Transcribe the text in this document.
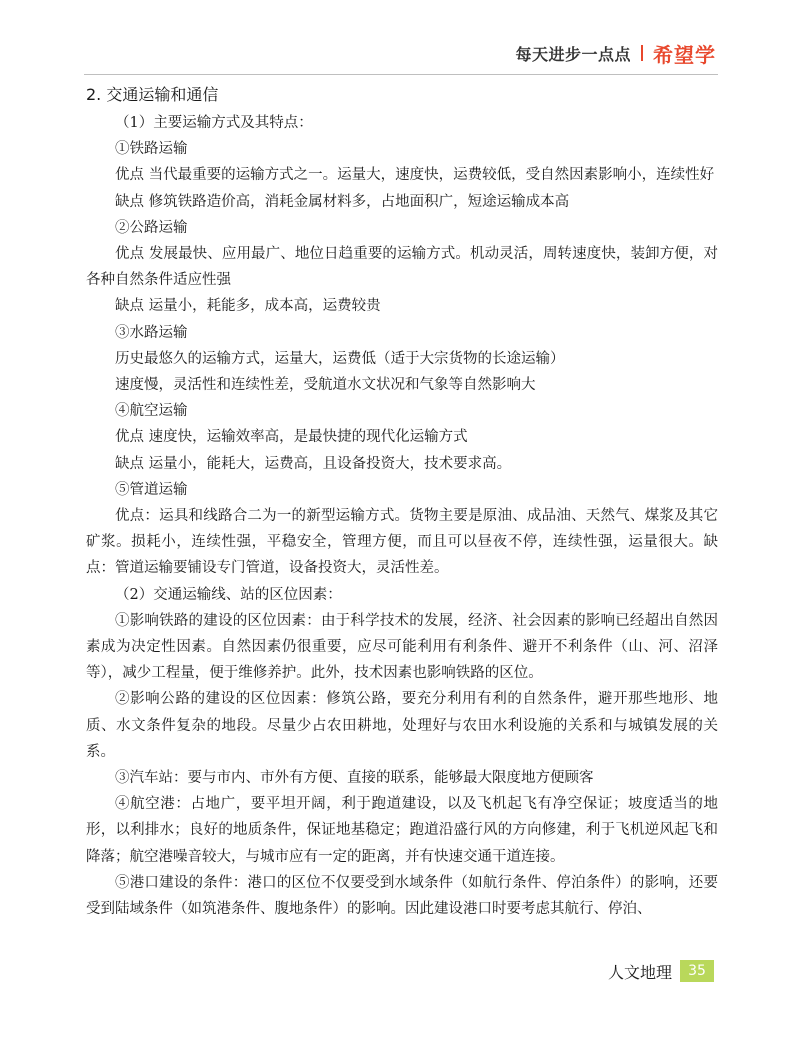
每天进步一点点 希望学
2. 交通运输和通信

（1）主要运输方式及其特点：

①铁路运输

优点 当代最重要的运输方式之一。运量大，速度快，运费较低，受自然因素影响小，连续性好

缺点 修筑铁路造价高，消耗金属材料多，占地面积广，短途运输成本高

②公路运输

优点 发展最快、应用最广、地位日趋重要的运输方式。机动灵活，周转速度快，装卸方便，对各种自然条件适应性强

缺点 运量小，耗能多，成本高，运费较贵

③水路运输

历史最悠久的运输方式，运量大，运费低（适于大宗货物的长途运输）

速度慢，灵活性和连续性差，受航道水文状况和气象等自然影响大

④航空运输

优点 速度快，运输效率高，是最快捷的现代化运输方式

缺点 运量小，能耗大，运费高，且设备投资大，技术要求高。

⑤管道运输

优点：运具和线路合二为一的新型运输方式。货物主要是原油、成品油、天然气、煤浆及其它矿浆。损耗小，连续性强，平稳安全，管理方便，而且可以昼夜不停，连续性强，运量很大。缺点：管道运输要铺设专门管道，设备投资大，灵活性差。

（2）交通运输线、站的区位因素：

①影响铁路的建设的区位因素：由于科学技术的发展，经济、社会因素的影响已经超出自然因素成为决定性因素。自然因素仍很重要，应尽可能利用有利条件、避开不利条件（山、河、沼泽等），减少工程量，便于维修养护。此外，技术因素也影响铁路的区位。

②影响公路的建设的区位因素：修筑公路，要充分利用有利的自然条件，避开那些地形、地质、水文条件复杂的地段。尽量少占农田耕地，处理好与农田水利设施的关系和与城镇发展的关系。

③汽车站：要与市内、市外有方便、直接的联系，能够最大限度地方便顾客

④航空港：占地广，要平坦开阔，利于跑道建设，以及飞机起飞有净空保证；坡度适当的地形，以利排水；良好的地质条件，保证地基稳定；跑道沿盛行风的方向修建，利于飞机逆风起飞和降落；航空港噪音较大，与城市应有一定的距离，并有快速交通干道连接。

⑤港口建设的条件：港口的区位不仅要受到水域条件（如航行条件、停泊条件）的影响，还要受到陆域条件（如筑港条件、腹地条件）的影响。因此建设港口时要考虑其航行、停泊、

人文地理	35
